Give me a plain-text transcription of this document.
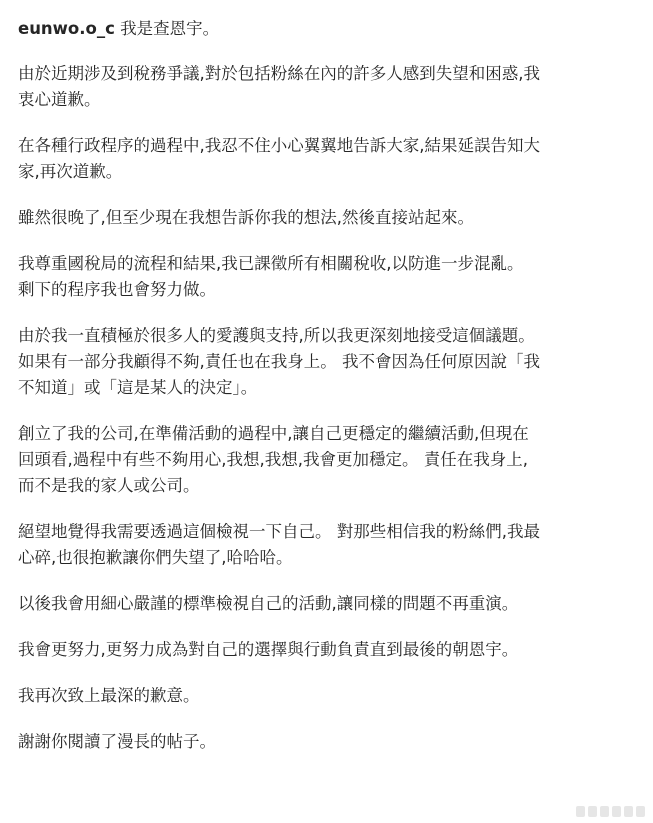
eunwo.o_c 我是查恩宇。
由於近期涉及到稅務爭議,對於包括粉絲在內的許多人感到失望和困惑,我
衷心道歉。
在各種行政程序的過程中,我忍不住小心翼翼地告訴大家,結果延誤告知大
家,再次道歉。
雖然很晚了,但至少現在我想告訴你我的想法,然後直接站起來。
我尊重國稅局的流程和結果,我已課徵所有相關稅收,以防進一步混亂。
剩下的程序我也會努力做。
由於我一直積極於很多人的愛護與支持,所以我更深刻地接受這個議題。
如果有一部分我顧得不夠,責任也在我身上。 我不會因為任何原因說「我
不知道」或「這是某人的決定」。
創立了我的公司,在準備活動的過程中,讓自己更穩定的繼續活動,但現在
回頭看,過程中有些不夠用心,我想,我想,我會更加穩定。 責任在我身上,
而不是我的家人或公司。
絕望地覺得我需要透過這個檢視一下自己。 對那些相信我的粉絲們,我最
心碎,也很抱歉讓你們失望了,哈哈哈。
以後我會用細心嚴謹的標準檢視自己的活動,讓同樣的問題不再重演。
我會更努力,更努力成為對自己的選擇與行動負責直到最後的朝恩宇。
我再次致上最深的歉意。
謝謝你閱讀了漫長的帖子。
